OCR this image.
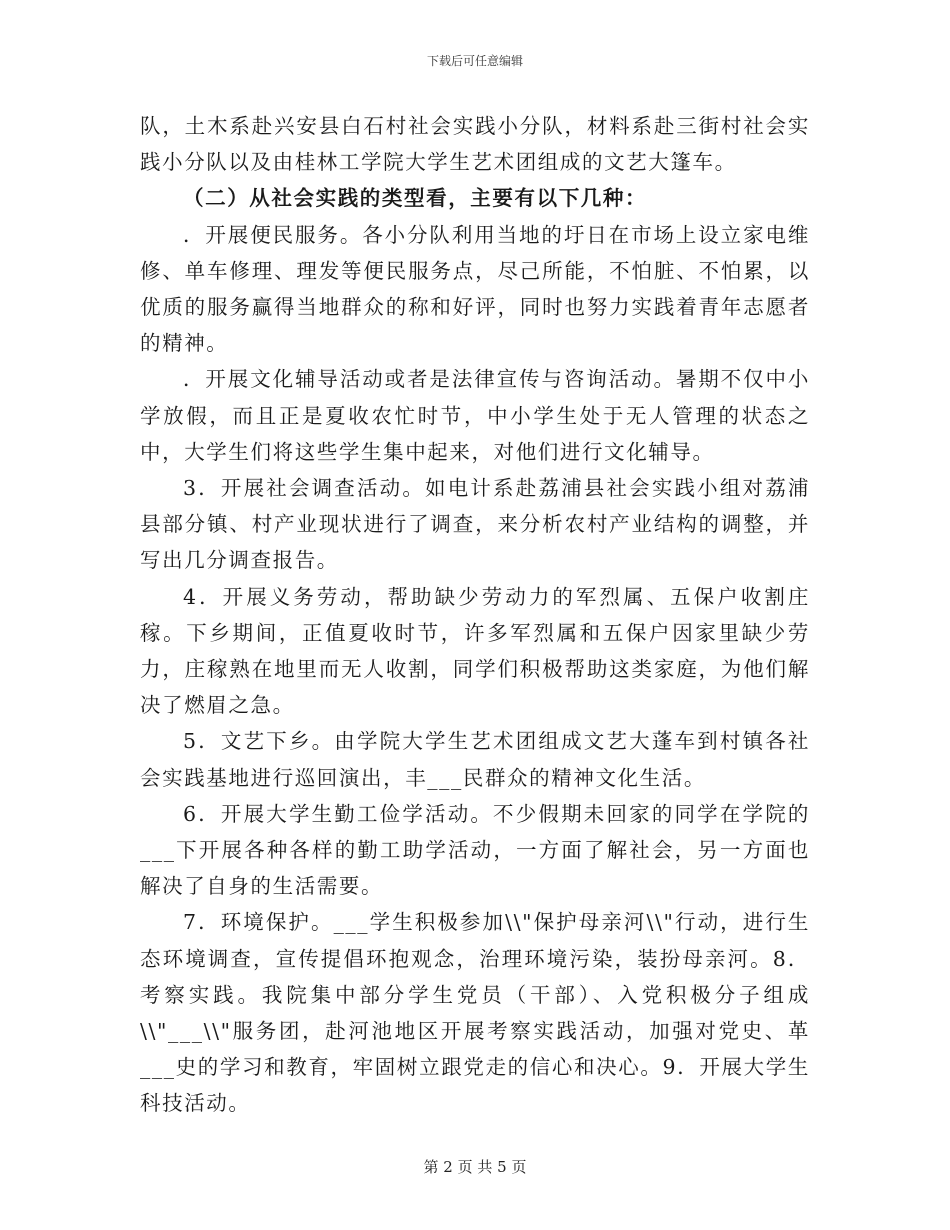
下载后可任意编辑

队，土木系赴兴安县白石村社会实践小分队，材料系赴三街村社会实践小分队以及由桂林工学院大学生艺术团组成的文艺大篷车。

（二）从社会实践的类型看，主要有以下几种：

．开展便民服务。各小分队利用当地的圩日在市场上设立家电维修、单车修理、理发等便民服务点，尽己所能，不怕脏、不怕累，以优质的服务赢得当地群众的称和好评，同时也努力实践着青年志愿者的精神。

．开展文化辅导活动或者是法律宣传与咨询活动。暑期不仅中小学放假，而且正是夏收农忙时节，中小学生处于无人管理的状态之中，大学生们将这些学生集中起来，对他们进行文化辅导。

3．开展社会调查活动。如电计系赴荔浦县社会实践小组对荔浦县部分镇、村产业现状进行了调查，来分析农村产业结构的调整，并写出几分调查报告。

4．开展义务劳动，帮助缺少劳动力的军烈属、五保户收割庄稼。下乡期间，正值夏收时节，许多军烈属和五保户因家里缺少劳力，庄稼熟在地里而无人收割，同学们积极帮助这类家庭，为他们解决了燃眉之急。

5．文艺下乡。由学院大学生艺术团组成文艺大蓬车到村镇各社会实践基地进行巡回演出，丰___民群众的精神文化生活。

6．开展大学生勤工俭学活动。不少假期未回家的同学在学院的___下开展各种各样的勤工助学活动，一方面了解社会，另一方面也解决了自身的生活需要。

7．环境保护。___学生积极参加\\"保护母亲河\\"行动，进行生态环境调查，宣传提倡环抱观念，治理环境污染，装扮母亲河。8．考察实践。我院集中部分学生党员（干部）、入党积极分子组成\\"___\\"服务团，赴河池地区开展考察实践活动，加强对党史、革___史的学习和教育，牢固树立跟党走的信心和决心。9．开展大学生科技活动。

第 2 页 共 5 页
